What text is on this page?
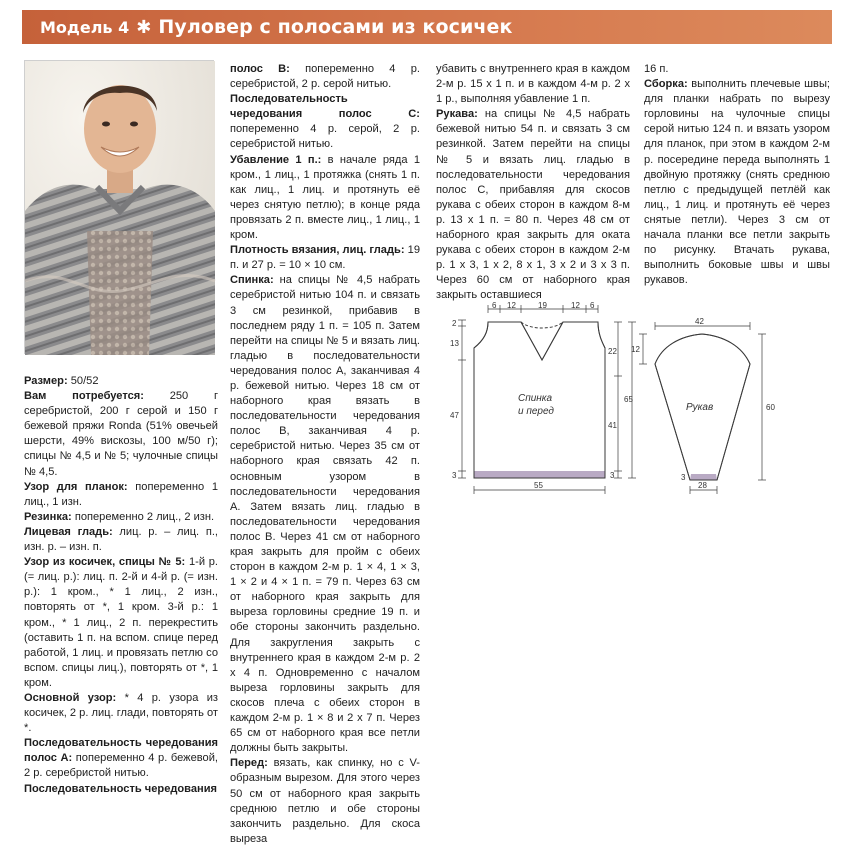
Модель 4 ✱ Пуловер с полосами из косичек

Размер: 50/52

Вам потребуется: 250 г серебристой, 200 г серой и 150 г бежевой пряжи Ronda (51% овечьей шерсти, 49% вискозы, 100 м/50 г); спицы № 4,5 и № 5; чулочные спицы № 4,5.

Узор для планок: попеременно 1 лиц., 1 изн.

Резинка: попеременно 2 лиц., 2 изн.

Лицевая гладь: лиц. р. – лиц. п., изн. р. – изн. п.

Узор из косичек, спицы № 5: 1-й р. (= лиц. р.): лиц. п. 2-й и 4-й р. (= изн. р.): 1 кром., * 1 лиц., 2 изн., повторять от *, 1 кром. 3-й р.: 1 кром., * 1 лиц., 2 п. перекрестить (оставить 1 п. на вспом. спице перед работой, 1 лиц. и провязать петлю со вспом. спицы лиц.), повторять от *, 1 кром.

Основной узор: * 4 р. узора из косичек, 2 р. лиц. глади, повторять от *.

Последовательность чередования полос А: попеременно 4 р. бежевой, 2 р. серебристой нитью.

Последовательность чередования

полос В: попеременно 4 р. серебристой, 2 р. серой нитью.

Последовательность чередования полос С: попеременно 4 р. серой, 2 р. серебристой нитью.

Убавление 1 п.: в начале ряда 1 кром., 1 лиц., 1 протяжка (снять 1 п. как лиц., 1 лиц. и протянуть её через снятую петлю); в конце ряда провязать 2 п. вместе лиц., 1 лиц., 1 кром.

Плотность вязания, лиц. гладь: 19 п. и 27 р. = 10 × 10 см.

Спинка: на спицы № 4,5 набрать серебристой нитью 104 п. и связать 3 см резинкой, прибавив в последнем ряду 1 п. = 105 п. Затем перейти на спицы № 5 и вязать лиц. гладью в последовательности чередования полос А, заканчивая 4 р. бежевой нитью. Через 18 см от наборного края вязать в последовательности чередования полос В, заканчивая 4 р. серебристой нитью. Через 35 см от наборного края связать 42 п. основным узором в последовательности чередования А. Затем вязать лиц. гладью в последовательности чередования полос В. Через 41 см от наборного края закрыть для пройм с обеих сторон в каждом 2-м р. 1 × 4, 1 × 3, 1 × 2 и 4 × 1 п. = 79 п. Через 63 см от наборного края закрыть для выреза горловины средние 19 п. и обе стороны закончить раздельно. Для закругления закрыть с внутреннего края в каждом 2-м р. 2 х 4 п. Одновременно с началом выреза горловины закрыть для скосов плеча с обеих сторон в каждом 2-м р. 1 × 8 и 2 х 7 п. Через 65 см от наборного края все петли должны быть закрыты.

Перед: вязать, как спинку, но с V-образным вырезом. Для этого через 50 см от наборного края закрыть среднюю петлю и обе стороны закончить раздельно. Для скоса выреза

убавить с внутреннего края в каждом 2-м р. 15 х 1 п. и в каждом 4-м р. 2 х 1 р., выполняя убавление 1 п.

Рукава: на спицы № 4,5 набрать бежевой нитью 54 п. и связать 3 см резинкой. Затем перейти на спицы № 5 и вязать лиц. гладью в последовательности чередования полос С, прибавляя для скосов рукава с обеих сторон в каждом 8-м р. 13 х 1 п. = 80 п. Через 48 см от наборного края закрыть для оката рукава с обеих сторон в каждом 2-м р. 1 х 3, 1 х 2, 8 х 1, 3 х 2 и 3 х 3 п. Через 60 см от наборного края закрыть оставшиеся

16 п.

Сборка: выполнить плечевые швы; для планки набрать по вырезу горловины на чулочные спицы серой нитью 124 п. и вязать узором для планок, при этом в каждом 2-м р. посередине переда выполнять 1 двойную протяжку (снять среднюю петлю с предыдущей петлёй как лиц., 1 лиц. и протянуть её через снятые петли). Через 3 см от начала планки все петли закрыть по рисунку. Втачать рукава, выполнить боковые швы и швы рукавов.

6 12	19	12 6
2
13
47
3
22
41
3
65
55
Спинка
и перед
42
12
3
60
28
Рукав
